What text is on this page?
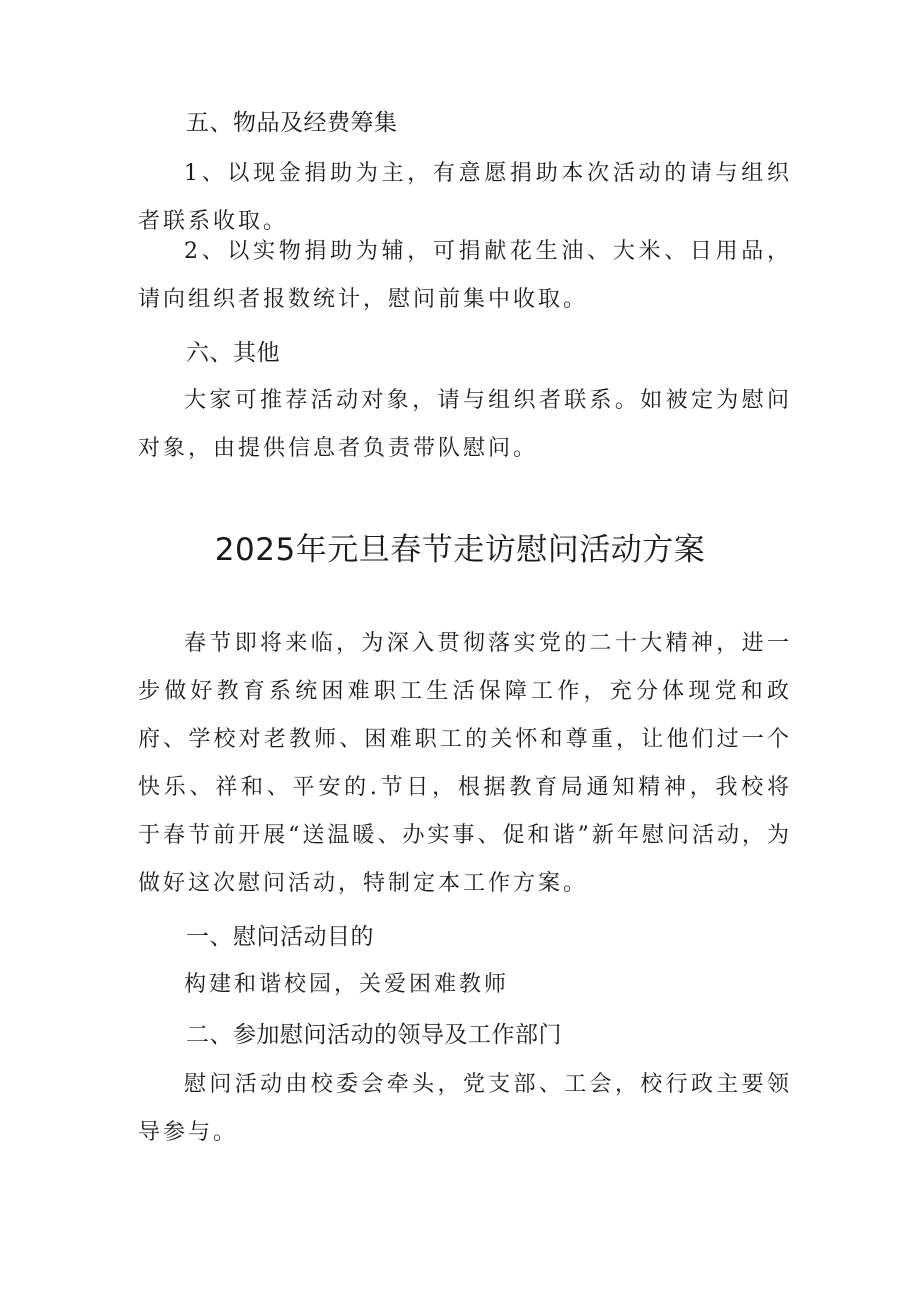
五、物品及经费筹集
1、以现金捐助为主，有意愿捐助本次活动的请与组织者联系收取。
2、以实物捐助为辅，可捐献花生油、大米、日用品，请向组织者报数统计，慰问前集中收取。
六、其他
大家可推荐活动对象，请与组织者联系。如被定为慰问对象，由提供信息者负责带队慰问。
2025年元旦春节走访慰问活动方案
春节即将来临，为深入贯彻落实党的二十大精神，进一步做好教育系统困难职工生活保障工作，充分体现党和政府、学校对老教师、困难职工的关怀和尊重，让他们过一个快乐、祥和、平安的.节日，根据教育局通知精神，我校将于春节前开展“送温暖、办实事、促和谐”新年慰问活动，为做好这次慰问活动，特制定本工作方案。
一、慰问活动目的
构建和谐校园，关爱困难教师
二、参加慰问活动的领导及工作部门
慰问活动由校委会牵头，党支部、工会，校行政主要领导参与。
